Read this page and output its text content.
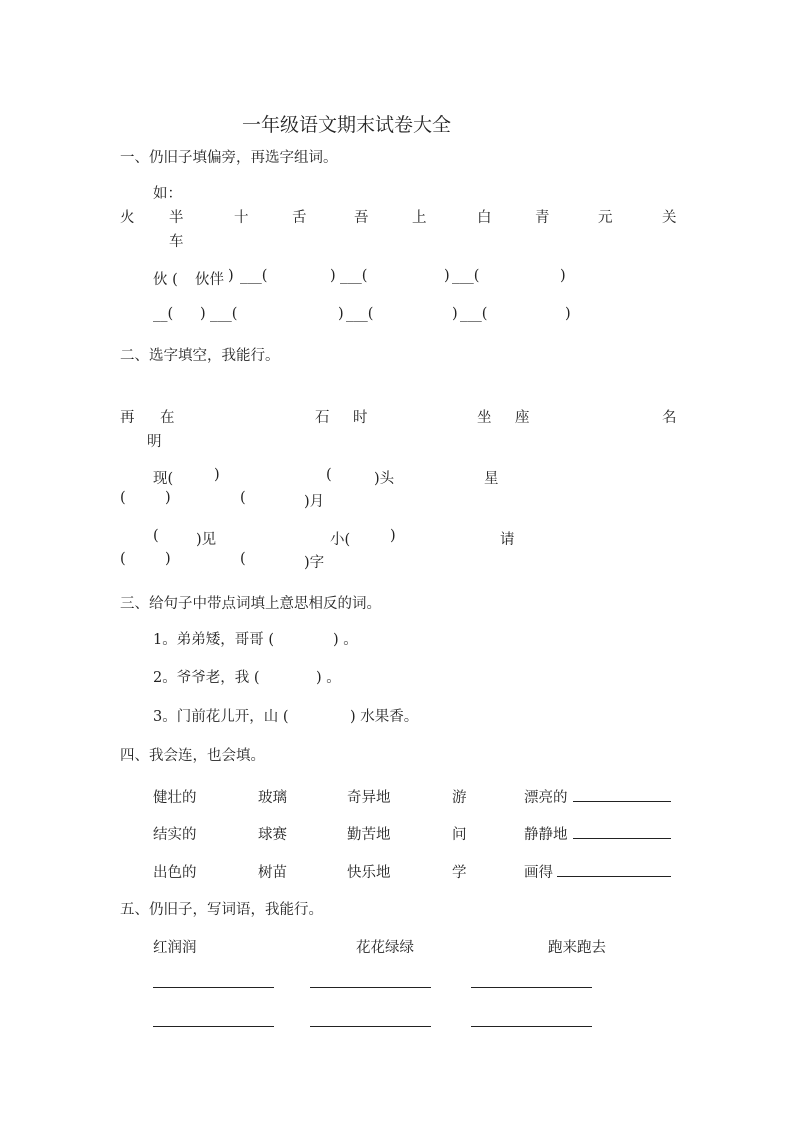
一年级语文期末试卷大全
一、仍旧子填偏旁，再选字组词。
如：
火 半	十	舌	吾	上	白	青	元	关
车
伙 ( 伙伴 ) ___(	) ___(	) ___(	)
__( ) ___(	) ___(	) ___(	)
二、选字填空，我能行。
再 在	石 时	坐 座	名
明
现(	)	(	)头	星
(	)	(	)月
(	)见	小(	)	请
(	)	(	)字
三、给句子中带点词填上意思相反的词。
1。弟弟矮，哥哥 (	) 。
2。爷爷老，我 (	) 。
3。门前花儿开，山 (	) 水果香。
四、我会连，也会填。
健壮的	玻璃	奇异地	游	漂亮的
结实的	球赛	勤苦地	问	静静地
出色的	树苗	快乐地	学	画得
五、仍旧子，写词语，我能行。
红润润	花花绿绿	跑来跑去
